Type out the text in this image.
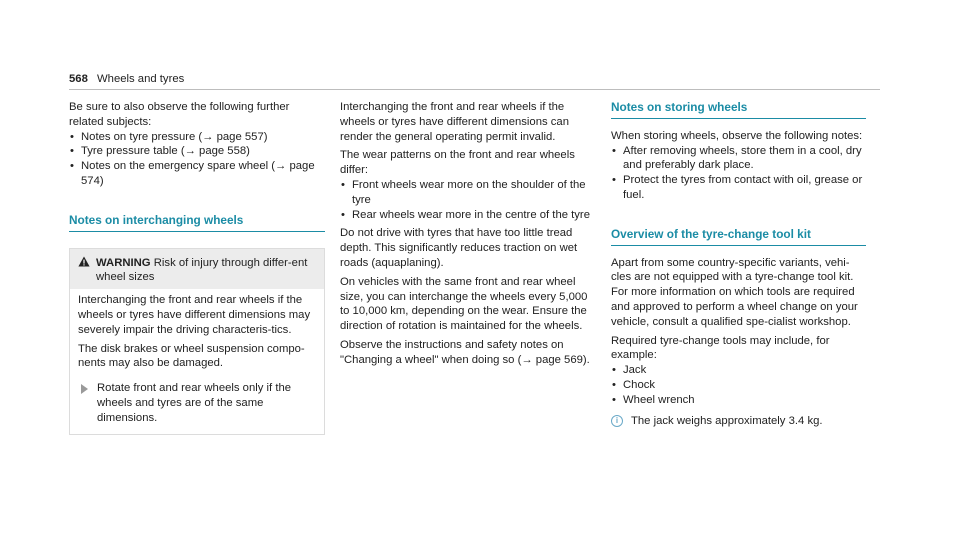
568 Wheels and tyres

Be sure to also observe the following further related subjects:

• Notes on tyre pressure (→ page 557)
• Tyre pressure table (→ page 558)
• Notes on the emergency spare wheel (→ page 574)
Notes on interchanging wheels
WARNING Risk of injury through differ-ent wheel sizes

Interchanging the front and rear wheels if the wheels or tyres have different dimensions may severely impair the driving characteris-tics.

The disk brakes or wheel suspension compo-nents may also be damaged.

Rotate front and rear wheels only if the wheels and tyres are of the same dimensions.

Interchanging the front and rear wheels if the wheels or tyres have different dimensions can render the general operating permit invalid.

The wear patterns on the front and rear wheels differ:

• Front wheels wear more on the shoulder of the tyre
• Rear wheels wear more in the centre of the tyre

Do not drive with tyres that have too little tread depth. This significantly reduces traction on wet roads (aquaplaning).

On vehicles with the same front and rear wheel size, you can interchange the wheels every 5,000 to 10,000 km, depending on the wear. Ensure the direction of rotation is maintained for the wheels.

Observe the instructions and safety notes on "Changing a wheel" when doing so (→ page 569).

Notes on storing wheels

When storing wheels, observe the following notes:

• After removing wheels, store them in a cool, dry and preferably dark place.
• Protect the tyres from contact with oil, grease or fuel.
Overview of the tyre-change tool kit

Apart from some country-specific variants, vehi-cles are not equipped with a tyre-change tool kit. For more information on which tools are required and approved to perform a wheel change on your vehicle, consult a qualified spe-cialist workshop.

Required tyre-change tools may include, for example:

• Jack
• Chock
• Wheel wrench
i	The jack weighs approximately 3.4 kg.
